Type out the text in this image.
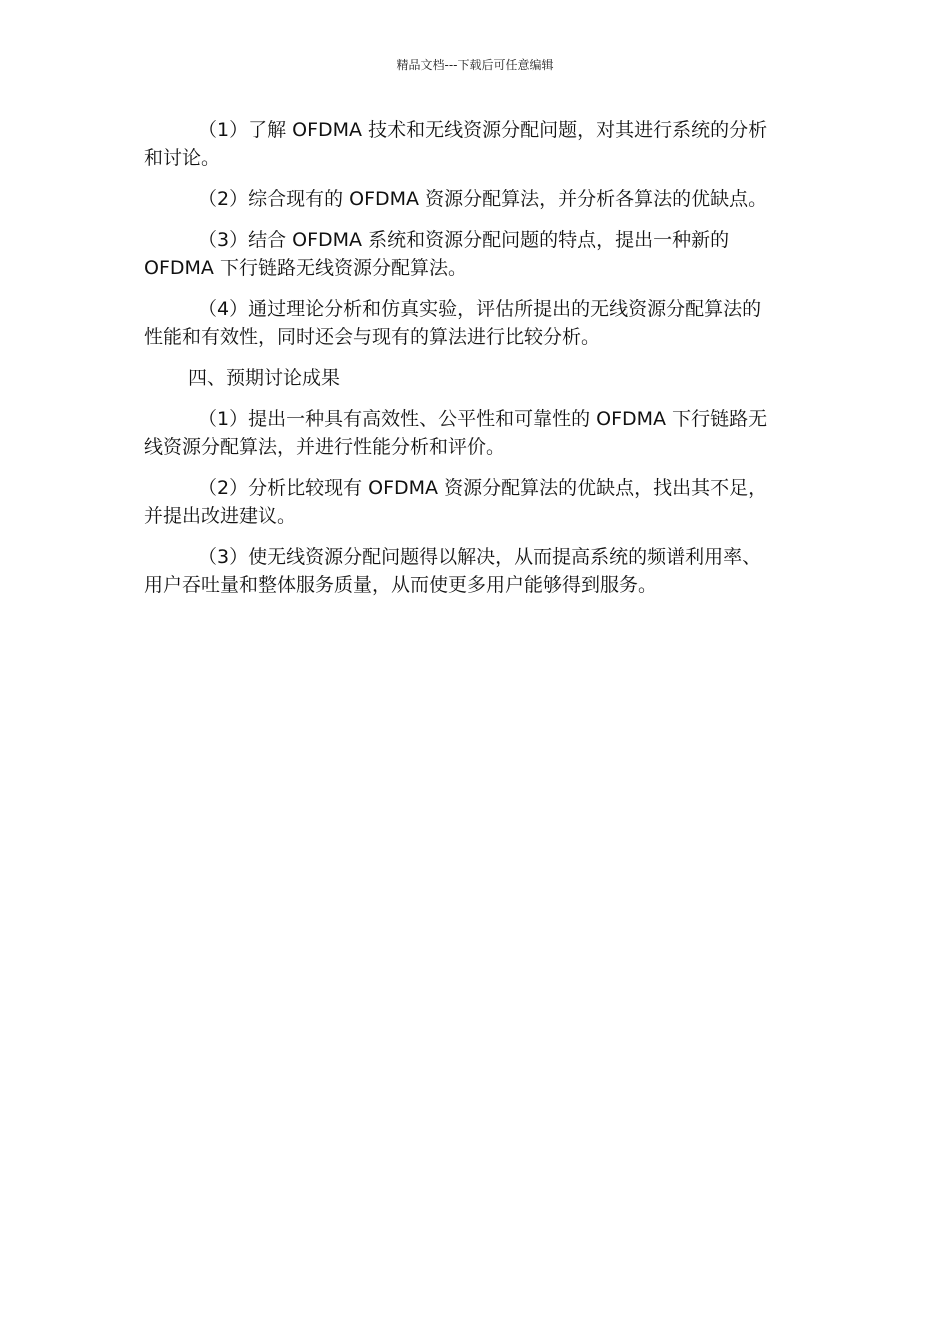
精品文档---下载后可任意编辑

（1）了解 OFDMA 技术和无线资源分配问题，对其进行系统的分析
和讨论。

（2）综合现有的 OFDMA 资源分配算法，并分析各算法的优缺点。

（3）结合 OFDMA 系统和资源分配问题的特点，提出一种新的
OFDMA 下行链路无线资源分配算法。

（4）通过理论分析和仿真实验，评估所提出的无线资源分配算法的
性能和有效性，同时还会与现有的算法进行比较分析。

四、预期讨论成果

（1）提出一种具有高效性、公平性和可靠性的 OFDMA 下行链路无
线资源分配算法，并进行性能分析和评价。

（2）分析比较现有 OFDMA 资源分配算法的优缺点，找出其不足，
并提出改进建议。

（3）使无线资源分配问题得以解决，从而提高系统的频谱利用率、
用户吞吐量和整体服务质量，从而使更多用户能够得到服务。
